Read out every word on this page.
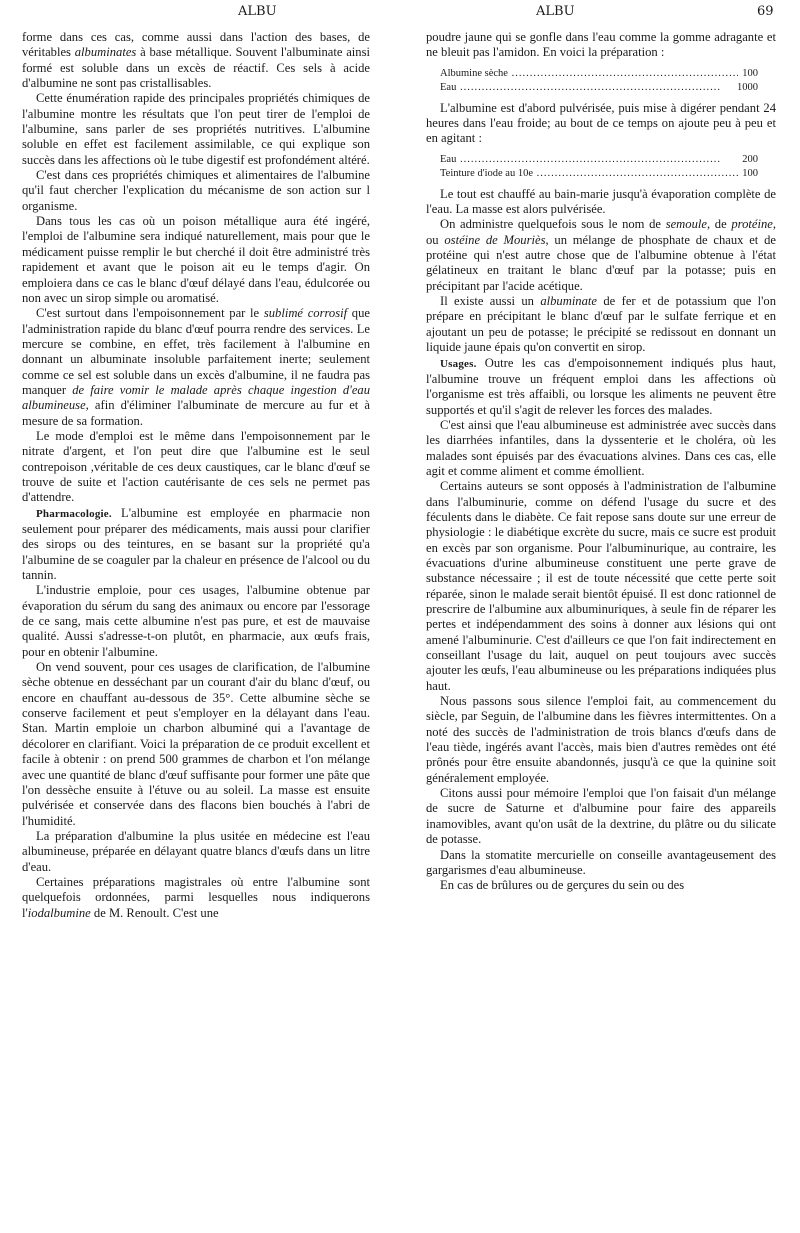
ALBU	ALBU	69

forme dans ces cas, comme aussi dans l'action des bases, de véritables albuminates à base métallique. Souvent l'albuminate ainsi formé est soluble dans un excès de réactif. Ces sels à acide d'albumine ne sont pas cristallisables.

Cette énumération rapide des principales propriétés chimiques de l'albumine montre les résultats que l'on peut tirer de l'emploi de l'albumine, sans parler de ses propriétés nutritives. L'albumine soluble en effet est facilement assimilable, ce qui explique son succès dans les affections où le tube digestif est profondément altéré.

C'est dans ces propriétés chimiques et alimentaires de l'albumine qu'il faut chercher l'explication du mécanisme de son action sur l organisme.

Dans tous les cas où un poison métallique aura été ingéré, l'emploi de l'albumine sera indiqué naturellement, mais pour que le médicament puisse remplir le but cherché il doit être administré très rapidement et avant que le poison ait eu le temps d'agir. On emploiera dans ce cas le blanc d'œuf délayé dans l'eau, édulcorée ou non avec un sirop simple ou aromatisé.

C'est surtout dans l'empoisonnement par le sublimé corrosif que l'administration rapide du blanc d'œuf pourra rendre des services. Le mercure se combine, en effet, très facilement à l'albumine en donnant un albuminate insoluble parfaitement inerte; seulement comme ce sel est soluble dans un excès d'albumine, il ne faudra pas manquer de faire vomir le malade après chaque ingestion d'eau albumineuse, afin d'éliminer l'albuminate de mercure au fur et à mesure de sa formation.

Le mode d'emploi est le même dans l'empoisonnement par le nitrate d'argent, et l'on peut dire que l'albumine est le seul contrepoison ,véritable de ces deux caustiques, car le blanc d'œuf se trouve de suite et l'action cautérisante de ces sels ne permet pas d'attendre.

Pharmacologie. L'albumine est employée en pharmacie non seulement pour préparer des médicaments, mais aussi pour clarifier des sirops ou des teintures, en se basant sur la propriété qu'a l'albumine de se coaguler par la chaleur en présence de l'alcool ou du tannin.

L'industrie emploie, pour ces usages, l'albumine obtenue par évaporation du sérum du sang des animaux ou encore par l'essorage de ce sang, mais cette albumine n'est pas pure, et est de mauvaise qualité. Aussi s'adresse-t-on plutôt, en pharmacie, aux œufs frais, pour en obtenir l'albumine.

On vend souvent, pour ces usages de clarification, de l'albumine sèche obtenue en desséchant par un courant d'air du blanc d'œuf, ou encore en chauffant au-dessous de 35°. Cette albumine sèche se conserve facilement et peut s'employer en la délayant dans l'eau. Stan. Martin emploie un charbon albuminé qui a l'avantage de décolorer en clarifiant. Voici la préparation de ce produit excellent et facile à obtenir : on prend 500 grammes de charbon et l'on mélange avec une quantité de blanc d'œuf suffisante pour former une pâte que l'on dessèche ensuite à l'étuve ou au soleil. La masse est ensuite pulvérisée et conservée dans des flacons bien bouchés à l'abri de l'humidité.

La préparation d'albumine la plus usitée en médecine est l'eau albumineuse, préparée en délayant quatre blancs d'œufs dans un litre d'eau.

Certaines préparations magistrales où entre l'albumine sont quelquefois ordonnées, parmi lesquelles nous indiquerons l'iodalbumine de M. Renoult. C'est une

poudre jaune qui se gonfle dans l'eau comme la gomme adragante et ne bleuit pas l'amidon. En voici la préparation :

Albumine sèche .....	100
Eau .....	1000

L'albumine est d'abord pulvérisée, puis mise à digérer pendant 24 heures dans l'eau froide; au bout de ce temps on ajoute peu à peu et en agitant :

Eau .....	200
Teinture d'iode au 10e .....	100

Le tout est chauffé au bain-marie jusqu'à évaporation complète de l'eau. La masse est alors pulvérisée.

On administre quelquefois sous le nom de semoule, de protéine, ou ostéine de Mouriès, un mélange de phosphate de chaux et de protéine qui n'est autre chose que de l'albumine obtenue à l'état gélatineux en traitant le blanc d'œuf par la potasse; puis en précipitant par l'acide acétique.

Il existe aussi un albuminate de fer et de potassium que l'on prépare en précipitant le blanc d'œuf par le sulfate ferrique et en ajoutant un peu de potasse; le précipité se redissout en donnant un liquide jaune épais qu'on convertit en sirop.

Usages. Outre les cas d'empoisonnement indiqués plus haut, l'albumine trouve un fréquent emploi dans les affections où l'organisme est très affaibli, ou lorsque les aliments ne peuvent être supportés et qu'il s'agit de relever les forces des malades.

C'est ainsi que l'eau albumineuse est administrée avec succès dans les diarrhées infantiles, dans la dyssenterie et le choléra, où les malades sont épuisés par des évacuations alvines. Dans ces cas, elle agit et comme aliment et comme émollient.

Certains auteurs se sont opposés à l'administration de l'albumine dans l'albuminurie, comme on défend l'usage du sucre et des féculents dans le diabète. Ce fait repose sans doute sur une erreur de physiologie : le diabétique excrète du sucre, mais ce sucre est produit en excès par son organisme. Pour l'albuminurique, au contraire, les évacuations d'urine albumineuse constituent une perte grave de substance nécessaire ; il est de toute nécessité que cette perte soit réparée, sinon le malade serait bientôt épuisé. Il est donc rationnel de prescrire de l'albumine aux albuminuriques, à seule fin de réparer les pertes et indépendamment des soins à donner aux lésions qui ont amené l'albuminurie. C'est d'ailleurs ce que l'on fait indirectement en conseillant l'usage du lait, auquel on peut toujours avec succès ajouter les œufs, l'eau albumineuse ou les préparations indiquées plus haut.

Nous passons sous silence l'emploi fait, au commencement du siècle, par Seguin, de l'albumine dans les fièvres intermittentes. On a noté des succès de l'administration de trois blancs d'œufs dans de l'eau tiède, ingérés avant l'accès, mais bien d'autres remèdes ont été prônés pour être ensuite abandonnés, jusqu'à ce que la quinine soit généralement employée.

Citons aussi pour mémoire l'emploi que l'on faisait d'un mélange de sucre de Saturne et d'albumine pour faire des appareils inamovibles, avant qu'on usât de la dextrine, du plâtre ou du silicate de potasse.

Dans la stomatite mercurielle on conseille avantageusement des gargarismes d'eau albumineuse.

En cas de brûlures ou de gerçures du sein ou des
